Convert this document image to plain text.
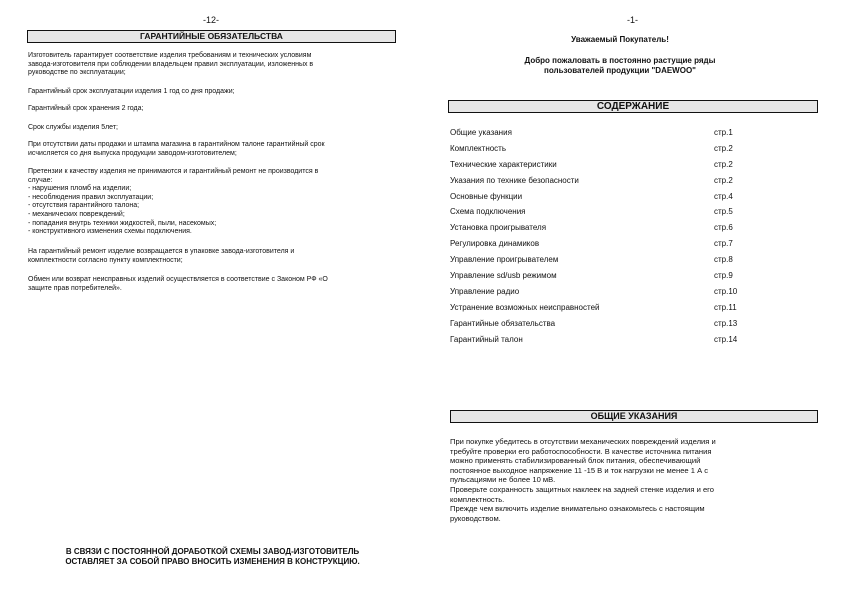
-12-
ГАРАНТИЙНЫЕ ОБЯЗАТЕЛЬСТВА

Изготовитель гарантирует соответствие изделия требованиям и технических условиям
завода-изготовителя при соблюдении владельцем правил эксплуатации, изложенных в
руководстве по эксплуатации;

Гарантийный срок эксплуатации изделия 1 год со дня продажи;

Гарантийный срок хранения 2 года;

Срок службы изделия 5лет;

При отсутствии даты продажи и штампа магазина в гарантийном талоне гарантийный срок
исчисляется со дня выпуска продукции заводом-изготовителем;

Претензии к качеству изделия не принимаются и гарантийный ремонт не производится в
случае:
- нарушения пломб на изделии;
- несоблюдения правил эксплуатации;
- отсутствия гарантийного талона;
- механических повреждений;
- попадания внутрь техники жидкостей, пыли, насекомых;
- конструктивного изменения схемы подключения.

На гарантийный ремонт изделие возвращается в упаковке завода-изготовителя и
комплектности согласно пункту комплектности;

Обмен или возврат неисправных изделий осуществляется в соответствие с Законом РФ «О
защите прав потребителей».

В СВЯЗИ С ПОСТОЯННОЙ ДОРАБОТКОЙ СХЕМЫ ЗАВОД-ИЗГОТОВИТЕЛЬ
ОСТАВЛЯЕТ ЗА СОБОЙ ПРАВО ВНОСИТЬ ИЗМЕНЕНИЯ В КОНСТРУКЦИЮ.
-1-
Уважаемый Покупатель!
Добро пожаловать в постоянно растущие ряды
пользователей продукции "DAEWOO"
СОДЕРЖАНИЕ
Общие указания	стр.1
Комплектность	стр.2
Технические характеристики	стр.2
Указания по технике безопасности	стр.2
Основные функции	стр.4
Схема подключения	стр.5
Установка проигрывателя	стр.6
Регулировка динамиков	стр.7
Управление проигрывателем	стр.8
Управление sd/usb режимом	стр.9
Управление радио	стр.10
Устранение возможных неисправностей	стр.11
Гарантийные обязательства	стр.13
Гарантийный талон	стр.14
ОБЩИЕ УКАЗАНИЯ

При покупке убедитесь в отсутствии механических повреждений изделия и
требуйте проверки его работоспособности. В качестве источника питания
можно применять стабилизированный блок питания, обеспечивающий
постоянное выходное напряжение 11 -15 В и ток нагрузки не менее 1 А с
пульсациями не более 10 мВ.
Проверьте сохранность защитных наклеек на задней стенке изделия и его
комплектность.
Прежде чем включить изделие внимательно ознакомьтесь с настоящим
руководством.
